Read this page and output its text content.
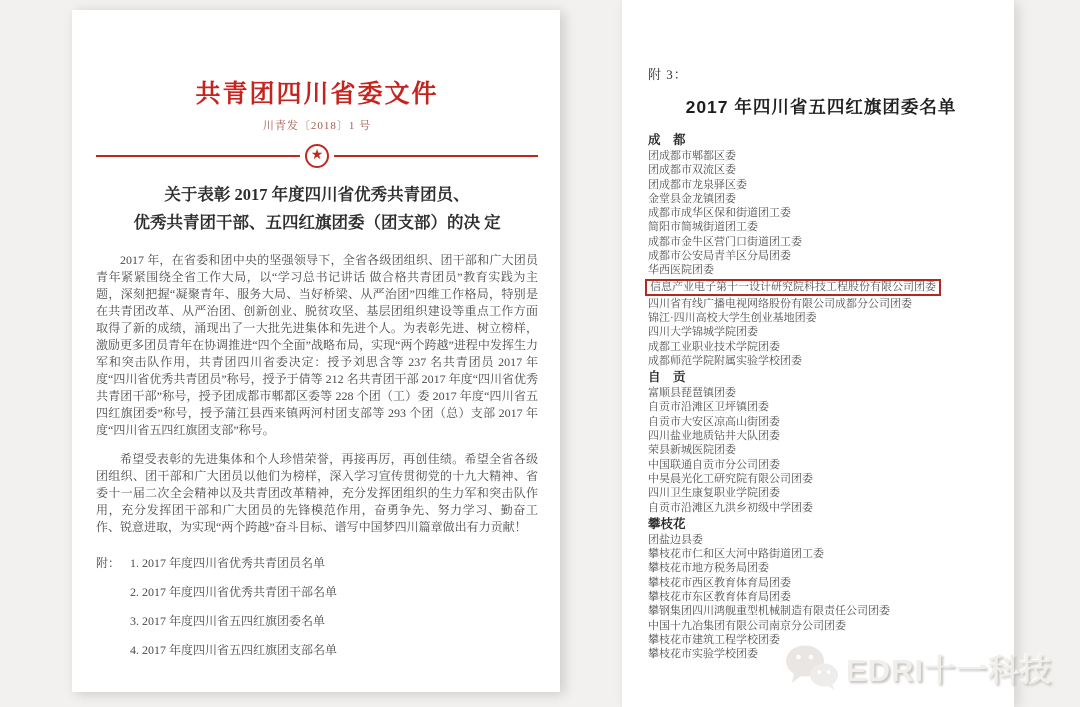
共青团四川省委文件
川青发〔2018〕1 号
★
关于表彰 2017 年度四川省优秀共青团员、
优秀共青团干部、五四红旗团委（团支部）的决 定

2017 年，在省委和团中央的坚强领导下，全省各级团组织、团干部和广大团员青年紧紧围绕全省工作大局，以“学习总书记讲话 做合格共青团员”教育实践为主题，深刻把握“凝聚青年、服务大局、当好桥梁、从严治团”四维工作格局，特别是在共青团改革、从严治团、创新创业、脱贫攻坚、基层团组织建设等重点工作方面取得了新的成绩，涌现出了一大批先进集体和先进个人。为表彰先进、树立榜样，激励更多团员青年在协调推进“四个全面”战略布局，实现“两个跨越”进程中发挥生力军和突击队作用，共青团四川省委决定：授予刘思含等 237 名共青团员 2017 年度“四川省优秀共青团员”称号，授予于倩等 212 名共青团干部 2017 年度“四川省优秀共青团干部”称号，授予团成都市郫都区委等 228 个团（工）委 2017 年度“四川省五四红旗团委”称号，授予蒲江县西来镇两河村团支部等 293 个团（总）支部 2017 年度“四川省五四红旗团支部”称号。

希望受表彰的先进集体和个人珍惜荣誉，再接再厉，再创佳绩。希望全省各级团组织、团干部和广大团员以他们为榜样，深入学习宣传贯彻党的十九大精神、省委十一届二次全会精神以及共青团改革精神，充分发挥团组织的生力军和突击队作用，充分发挥团干部和广大团员的先锋模范作用，奋勇争先、努力学习、勤奋工作、锐意进取，为实现“两个跨越”奋斗目标、谱写中国梦四川篇章做出有力贡献！

附： 1. 2017 年度四川省优秀共青团员名单
2. 2017 年度四川省优秀共青团干部名单
3. 2017 年度四川省五四红旗团委名单
4. 2017 年度四川省五四红旗团支部名单
附 3：
2017 年四川省五四红旗团委名单
成　都
团成都市郫都区委
团成都市双流区委
团成都市龙泉驿区委
金堂县金龙镇团委
成都市成华区保和街道团工委
简阳市简城街道团工委
成都市金牛区营门口街道团工委
成都市公安局青羊区分局团委
华西医院团委
信息产业电子第十一设计研究院科技工程股份有限公司团委
四川省有线广播电视网络股份有限公司成都分公司团委
锦江·四川高校大学生创业基地团委
四川大学锦城学院团委
成都工业职业技术学院团委
成都师范学院附属实验学校团委
自　贡
富顺县琵琶镇团委
自贡市沿滩区卫坪镇团委
自贡市大安区凉高山街团委
四川盐业地质钻井大队团委
荣县新城医院团委
中国联通自贡市分公司团委
中昊晨光化工研究院有限公司团委
四川卫生康复职业学院团委
自贡市沿滩区九洪乡初级中学团委
攀枝花
团盐边县委
攀枝花市仁和区大河中路街道团工委
攀枝花市地方税务局团委
攀枝花市西区教育体育局团委
攀枝花市东区教育体育局团委
攀钢集团四川鸿舰重型机械制造有限责任公司团委
中国十九冶集团有限公司南京分公司团委
攀枝花市建筑工程学校团委
攀枝花市实验学校团委	EDRI十一科技
